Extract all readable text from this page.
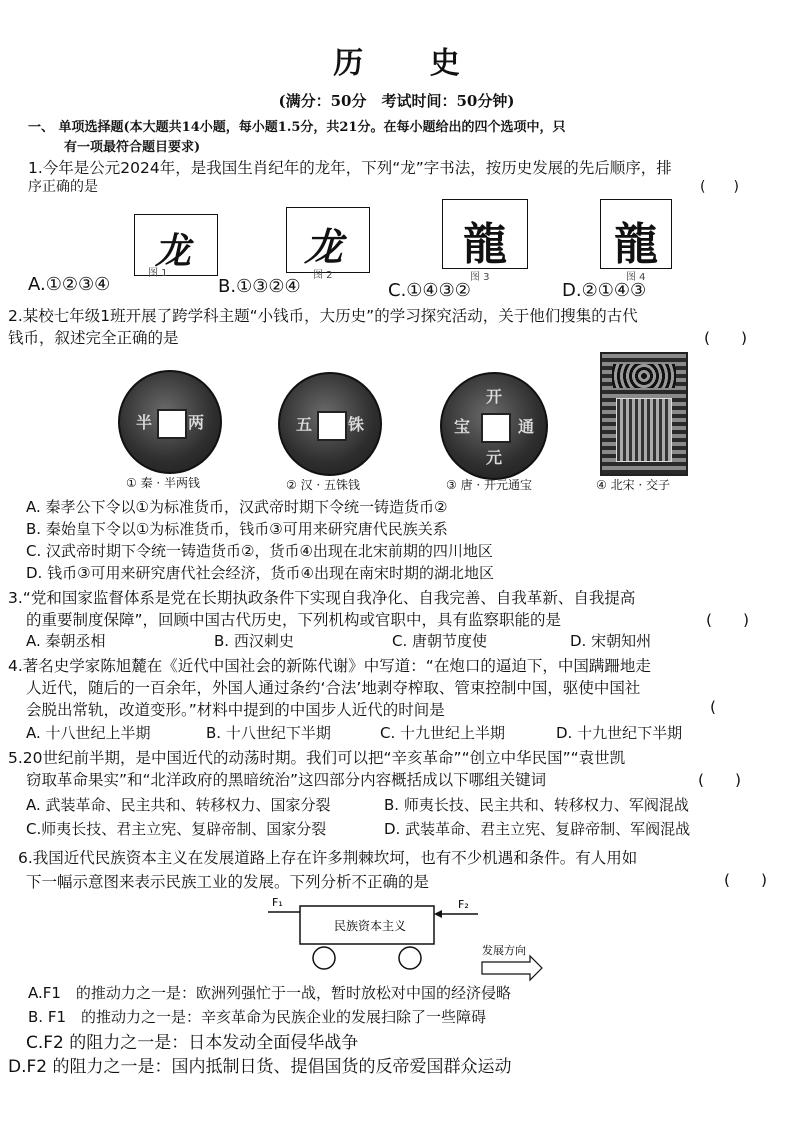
历 史
(满分：50分　考试时间：50分钟)
一、 单项选择题(本大题共14小题，每小题1.5分，共21分。在每小题给出的四个选项中，只
有一项最符合题目要求)
1.今年是公元2024年，是我国生肖纪年的龙年，下列“龙”字书法，按历史发展的先后顺序，排
序正确的是	(　　)
龙
图 1
龙
图 2
龍
图 3
龍
图 4
A.①②③④	B.①③②④	C.①④③②	D.②①④③
2.某校七年级1班开展了跨学科主题“小钱币，大历史”的学习探究活动，关于他们搜集的古代
钱币，叙述完全正确的是	(　　)
半 两	五 铢
开
元
通
宝
① 秦 · 半两钱	② 汉 · 五铢钱	③ 唐 · 开元通宝	④ 北宋 · 交子
A. 秦孝公下令以①为标准货币，汉武帝时期下令统一铸造货币②
B. 秦始皇下令以①为标准货币，钱币③可用来研究唐代民族关系
C. 汉武帝时期下令统一铸造货币②，货币④出现在北宋前期的四川地区
D. 钱币③可用来研究唐代社会经济，货币④出现在南宋时期的湖北地区
3.“党和国家监督体系是党在长期执政条件下实现自我净化、自我完善、自我革新、自我提高
的重要制度保障”，回顾中国古代历史，下列机构或官职中，具有监察职能的是	(　　)
A. 秦朝丞相	B. 西汉刺史	C. 唐朝节度使	D. 宋朝知州
4.著名史学家陈旭麓在《近代中国社会的新陈代谢》中写道：“在炮口的逼迫下，中国蹒跚地走
人近代，随后的一百余年，外国人通过条约‘合法’地剥夺榨取、管束控制中国，驱使中国社
会脱出常轨，改道变形。”材料中提到的中国步人近代的时间是	(
A. 十八世纪上半期	B. 十八世纪下半期	C. 十九世纪上半期	D. 十九世纪下半期
5.20世纪前半期，是中国近代的动荡时期。我们可以把“辛亥革命”“创立中华民国”“袁世凯
窃取革命果实”和“北洋政府的黑暗统治”这四部分内容概括成以下哪组关键词	(　　)
A. 武装革命、民主共和、转移权力、国家分裂	B. 师夷长技、民主共和、转移权力、军阀混战
C.师夷长技、君主立宪、复辟帝制、国家分裂	D. 武装革命、君主立宪、复辟帝制、军阀混战
6.我国近代民族资本主义在发展道路上存在许多荆棘坎坷，也有不少机遇和条件。有人用如
下一幅示意图来表示民族工业的发展。下列分析不正确的是	(　　)
民族资本主义
F₁	F₂
发展方向
A.F1　的推动力之一是：欧洲列强忙于一战，暂时放松对中国的经济侵略
B. F1　的推动力之一是：辛亥革命为民族企业的发展扫除了一些障碍
C.F2 的阻力之一是：日本发动全面侵华战争
D.F2 的阻力之一是：国内抵制日货、提倡国货的反帝爱国群众运动
